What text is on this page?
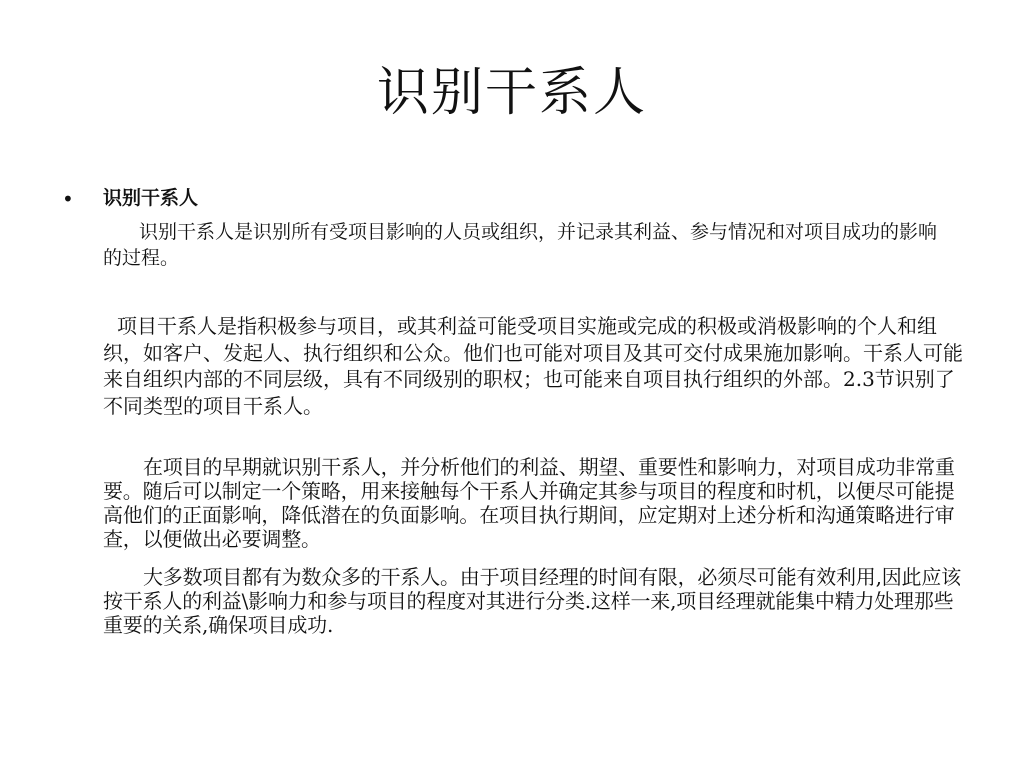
识别干系人
• 识别干系人

识别干系人是识别所有受项目影响的人员或组织，并记录其利益、参与情况和对项目成功的影响的过程。

项目干系人是指积极参与项目，或其利益可能受项目实施或完成的积极或消极影响的个人和组织，如客户、发起人、执行组织和公众。他们也可能对项目及其可交付成果施加影响。干系人可能来自组织内部的不同层级，具有不同级别的职权；也可能来自项目执行组织的外部。2.3节识别了不同类型的项目干系人。

在项目的早期就识别干系人，并分析他们的利益、期望、重要性和影响力，对项目成功非常重要。随后可以制定一个策略，用来接触每个干系人并确定其参与项目的程度和时机，以便尽可能提高他们的正面影响，降低潜在的负面影响。在项目执行期间，应定期对上述分析和沟通策略进行审查，以便做出必要调整。

大多数项目都有为数众多的干系人。由于项目经理的时间有限，必须尽可能有效利用,因此应该按干系人的利益\影响力和参与项目的程度对其进行分类.这样一来,项目经理就能集中精力处理那些重要的关系,确保项目成功.
